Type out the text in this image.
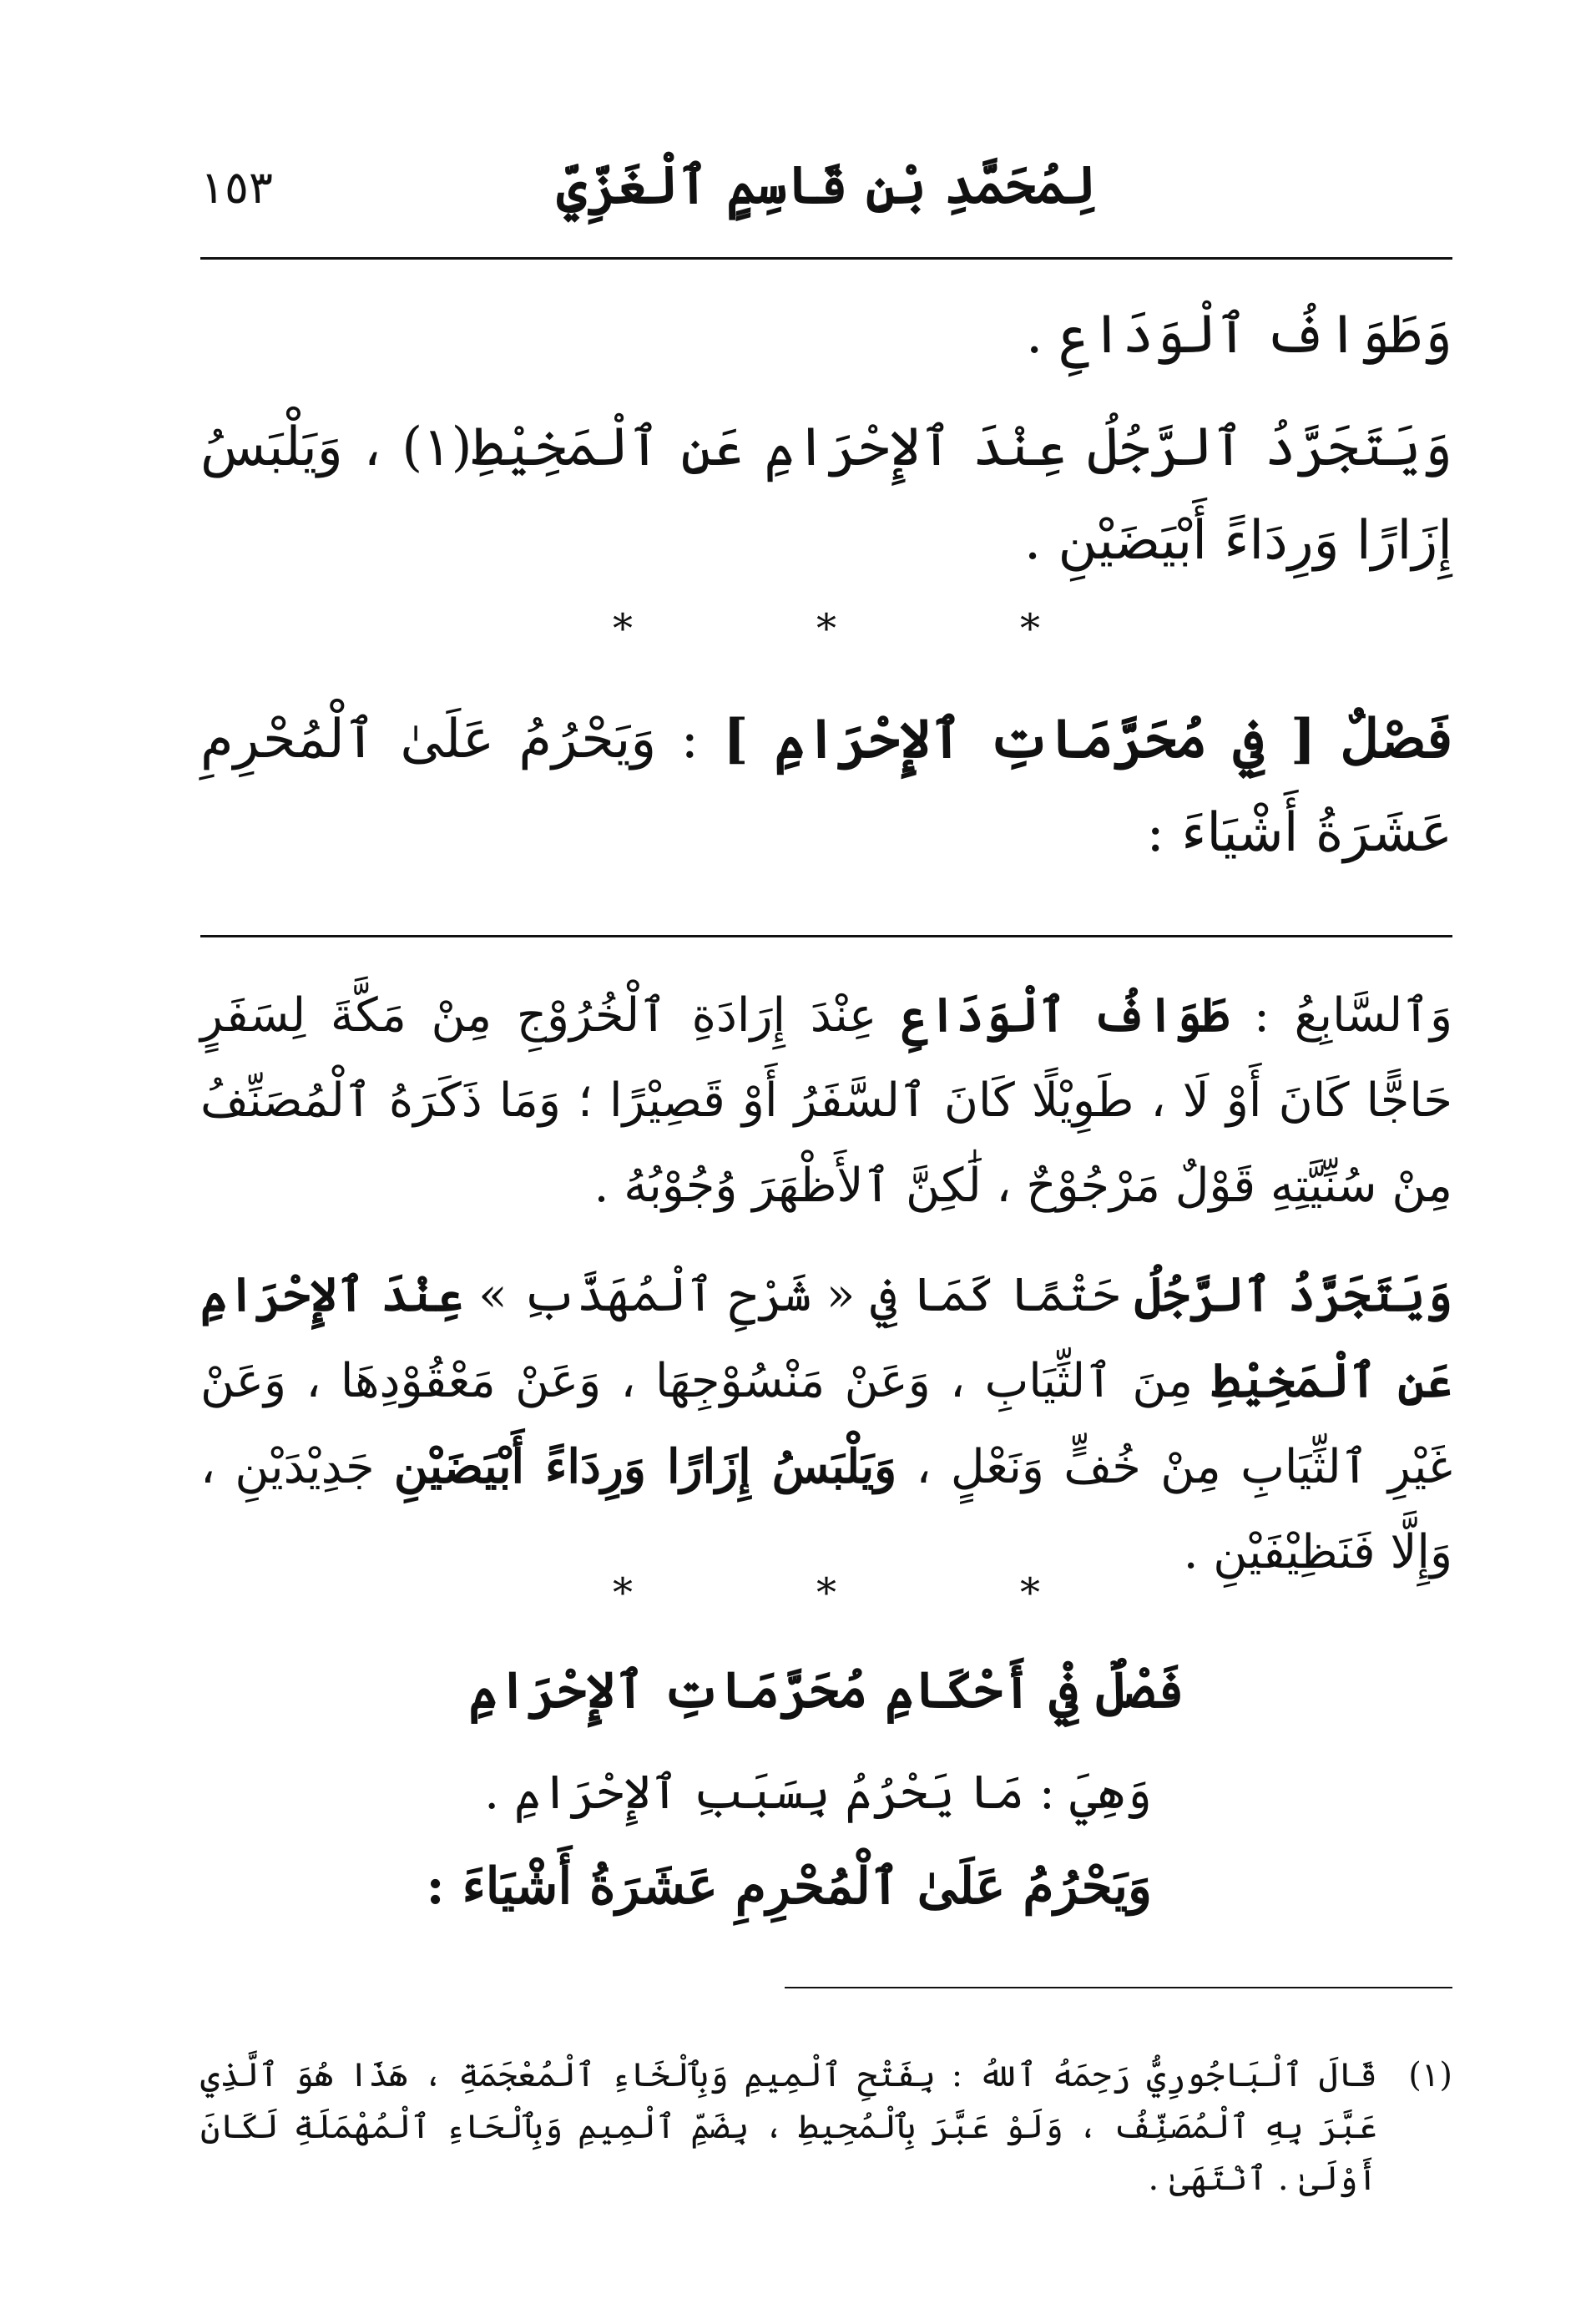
لِمُحَمَّدِ بْنِ قَاسِمٍ ٱلْغَزِّيِّ
١٥٣
وَطَوَافُ ٱلْوَدَاعِ .
وَيَتَجَرَّدُ ٱلرَّجُلُ عِنْدَ ٱلإِحْرَامِ عَنِ ٱلْمَخِيْطِ(١) ، وَيَلْبَسُ إِزَارًا وَرِدَاءً أَبْيَضَيْنِ .
***
فَصْلٌ [ فِي مُحَرَّمَاتِ ٱلإِحْرَامِ ] : وَيَحْرُمُ عَلَىٰ ٱلْمُحْرِمِ عَشَرَةُ أَشْيَاءَ :
وَٱلسَّابِعُ : طَوَافُ ٱلْوَدَاعِ عِنْدَ إِرَادَةِ ٱلْخُرُوْجِ مِنْ مَكَّةَ لِسَفَرٍ حَاجًّا كَانَ أَوْ لَا ، طَوِيْلًا كَانَ ٱلسَّفَرُ أَوْ قَصِيْرًا ؛ وَمَا ذَكَرَهُ ٱلْمُصَنِّفُ مِنْ سُنِّيَّتِهِ قَوْلٌ مَرْجُوْحٌ ، لَٰكِنَّ ٱلأَظْهَرَ وُجُوْبُهُ .
وَيَتَجَرَّدُ ٱلرَّجُلُ حَتْمًا كَمَا فِي « شَرْحِ ٱلْمُهَذَّبِ » عِنْدَ ٱلإِحْرَامِ عَنِ ٱلْمَخِيْطِ مِنَ ٱلثِّيَابِ ، وَعَنْ مَنْسُوْجِهَا ، وَعَنْ مَعْقُوْدِهَا ، وَعَنْ غَيْرِ ٱلثِّيَابِ مِنْ خُفٍّ وَنَعْلٍ ، وَيَلْبَسُ إِزَارًا وَرِدَاءً أَبْيَضَيْنِ جَدِيْدَيْنِ ، وَإِلَّا فَنَظِيْفَيْنِ .
***
فَصْلٌ فِيْ أَحْكَامِ مُحَرَّمَاتِ ٱلإِحْرَامِ
وَهِيَ : مَا يَحْرُمُ بِسَبَبِ ٱلإِحْرَامِ .
وَيَحْرُمُ عَلَىٰ ٱلْمُحْرِمِ عَشَرَةُ أَشْيَاءَ :
(١)
قَالَ ٱلْبَاجُورِيُّ رَحِمَهُ ٱللهُ : بِفَتْحِ ٱلْمِيمِ وَبِٱلْخَاءِ ٱلْمُعْجَمَةِ ، هَذَا هُوَ ٱلَّذِي عَبَّرَ بِهِ ٱلْمُصَنِّفُ ، وَلَوْ عَبَّرَ بِٱلْمُحِيطِ ، بِضَمِّ ٱلْمِيمِ وَبِٱلْحَاءِ ٱلْمُهْمَلَةِ لَكَانَ أَوْلَىٰ . ٱنْتَهَىٰ .
